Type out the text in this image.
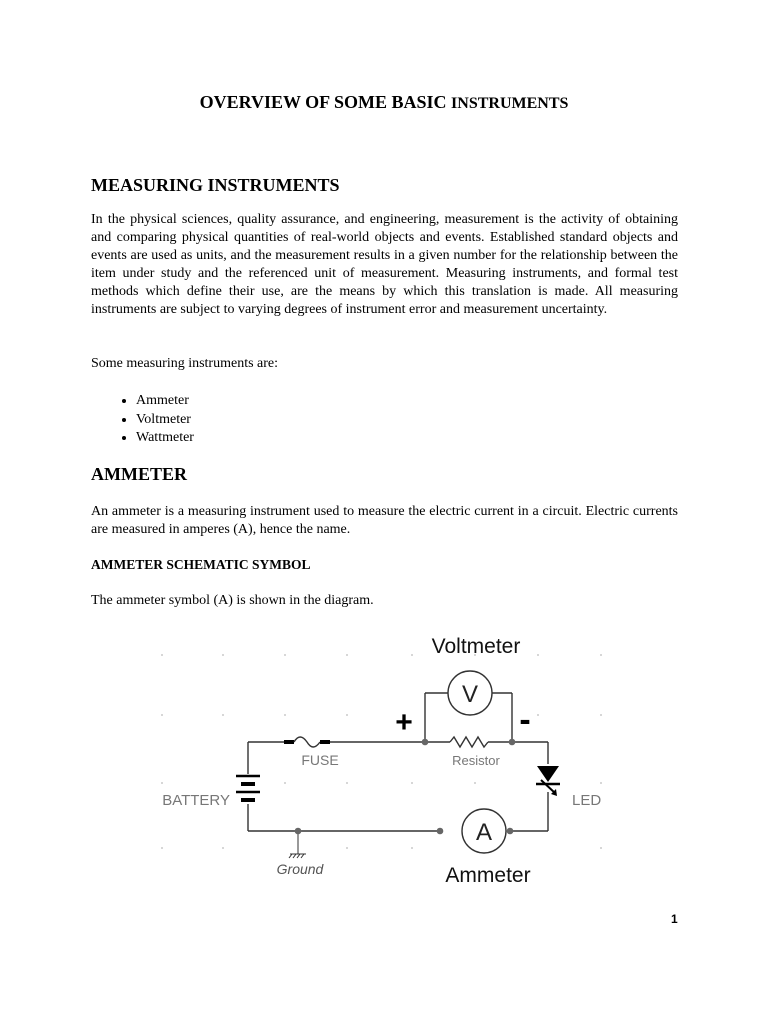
OVERVIEW OF SOME BASIC INSTRUMENTS
MEASURING INSTRUMENTS

In the physical sciences, quality assurance, and engineering, measurement is the activity of obtaining and comparing physical quantities of real-world objects and events. Established standard objects and events are used as units, and the measurement results in a given number for the relationship between the item under study and the referenced unit of measurement. Measuring instruments, and formal test methods which define their use, are the means by which this translation is made. All measuring instruments are subject to varying degrees of instrument error and measurement uncertainty.

Some measuring instruments are:

• Ammeter
• Voltmeter
• Wattmeter
AMMETER

An ammeter is a measuring instrument used to measure the electric current in a circuit. Electric currents are measured in amperes (A), hence the name.

AMMETER SCHEMATIC SYMBOL

The ammeter symbol (A) is shown in the diagram.

V
A
+	-
Voltmeter
FUSE	Resistor
BATTERY	LED
Ground	Ammeter
1
